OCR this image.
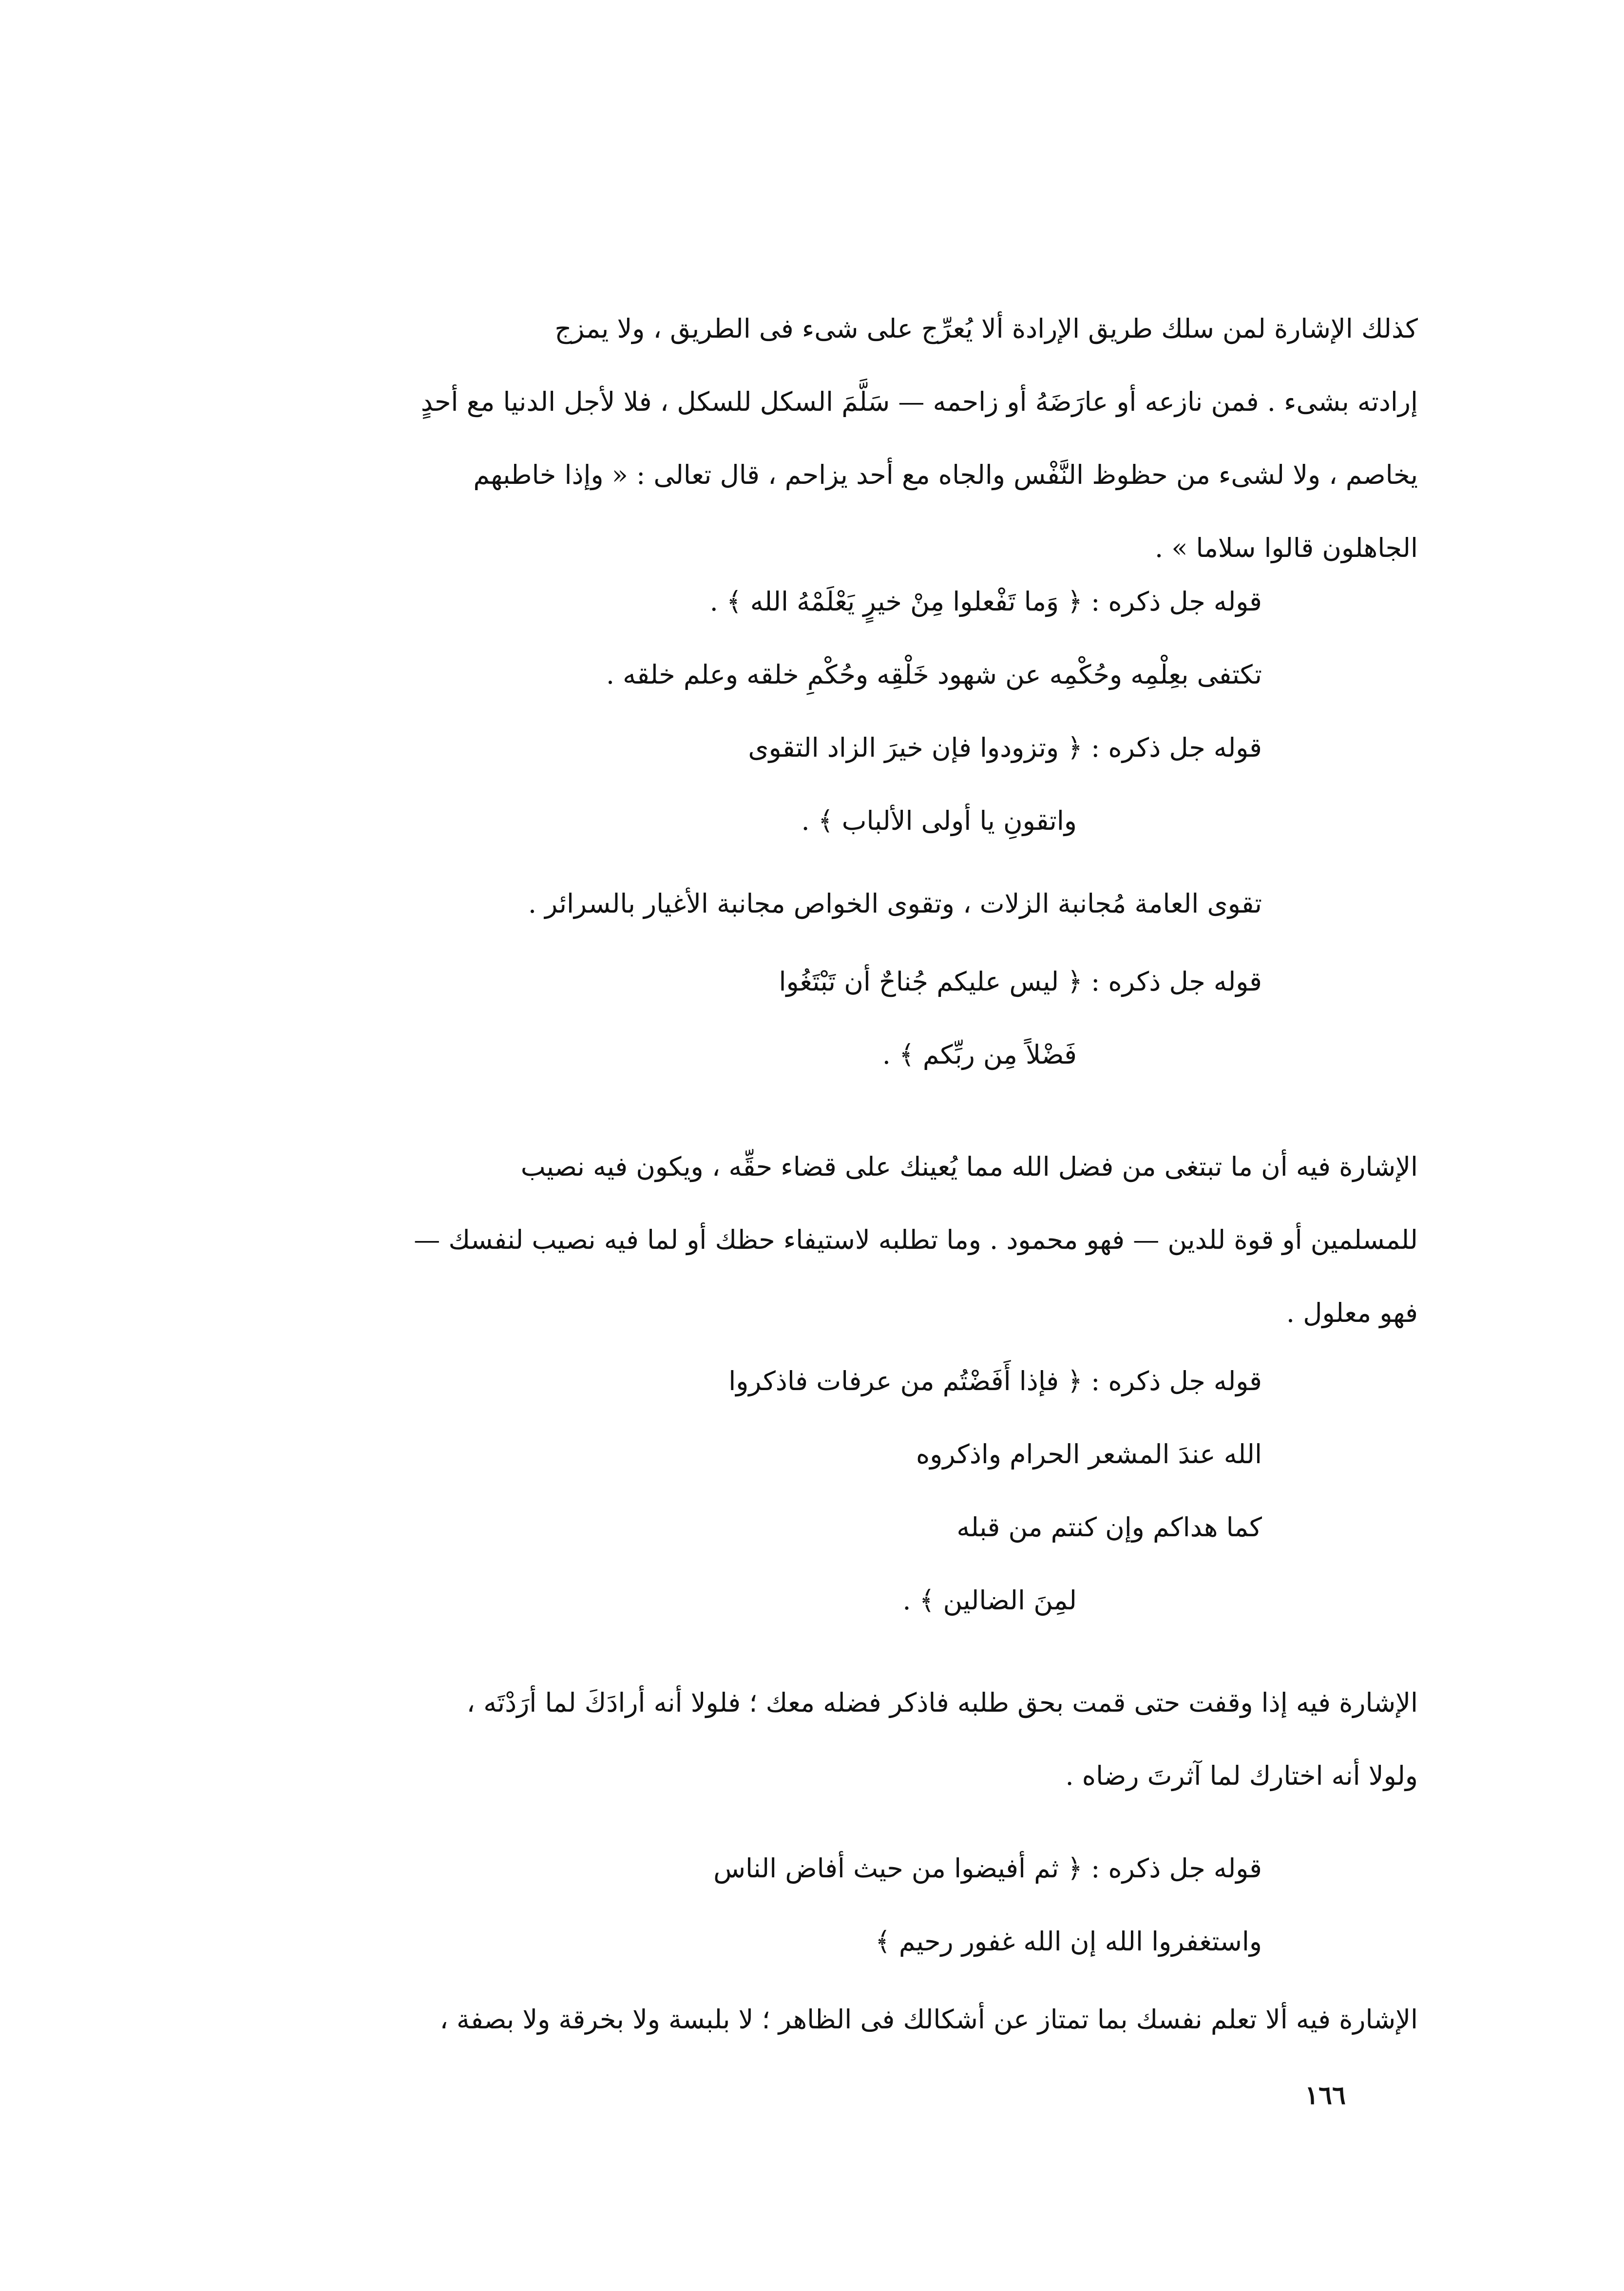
كذلك الإشارة لمن سلك طريق الإرادة ألا يُعرِّج على شىء فى الطريق ، ولا يمزج
إرادته بشىء . فمن نازعه أو عارَضَهُ أو زاحمه — سَلَّمَ السكل للسكل ، فلا لأجل الدنيا مع أحدٍ
يخاصم ، ولا لشىء من حظوظ النَّفْس والجاه مع أحد يزاحم ، قال تعالى : « وإذا خاطبهم
الجاهلون قالوا سلاما » .
قوله جل ذكره : ﴿ وَما تَفْعلوا مِنْ خيرٍ يَعْلَمْهُ الله ﴾ .
تكتفى بعِلْمِه وحُكْمِه عن شهود خَلْقِه وحُكْمِ خلقه وعلم خلقه .
قوله جل ذكره : ﴿ وتزودوا فإن خيرَ الزاد التقوى
واتقونِ يا أولى الألباب ﴾ .
تقوى العامة مُجانبة الزلات ، وتقوى الخواص مجانبة الأغيار بالسرائر .
قوله جل ذكره : ﴿ ليس عليكم جُناحٌ أن تَبْتَغُوا
فَضْلاً مِن ربِّكم ﴾ .
الإشارة فيه أن ما تبتغى من فضل الله مما يُعينك على قضاء حقِّه ، ويكون فيه نصيب
للمسلمين أو قوة للدين — فهو محمود . وما تطلبه لاستيفاء حظك أو لما فيه نصيب لنفسك —
فهو معلول .
قوله جل ذكره : ﴿ فإذا أَفَضْتُم من عرفات فاذكروا
الله عندَ المشعر الحرام واذكروه
كما هداكم وإن كنتم من قبله
لمِنَ الضالين ﴾ .
الإشارة فيه إذا وقفت حتى قمت بحق طلبه فاذكر فضله معك ؛ فلولا أنه أرادَكَ لما أرَدْتَه ،
ولولا أنه اختارك لما آثرتَ رضاه .
قوله جل ذكره : ﴿ ثم أفيضوا من حيث أفاض الناس
واستغفروا الله إن الله غفور رحيم ﴾
الإشارة فيه ألا تعلم نفسك بما تمتاز عن أشكالك فى الظاهر ؛ لا بلبسة ولا بخرقة ولا بصفة ،
١٦٦
